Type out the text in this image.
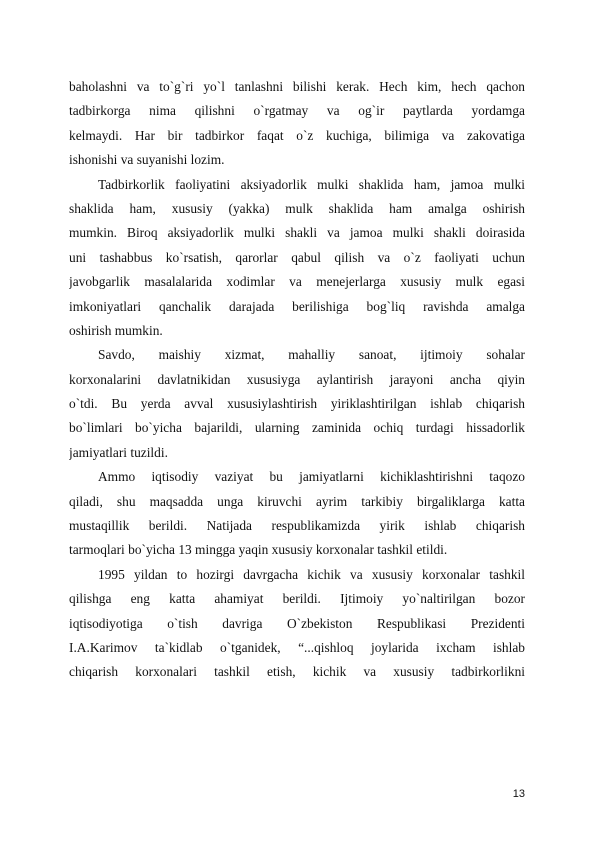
baholashni va to`g`ri yo`l tanlashni bilishi kerak. Hech kim, hech qachon
tadbirkorga nima qilishni o`rgatmay va og`ir paytlarda yordamga
kelmaydi. Har bir tadbirkor faqat o`z kuchiga, bilimiga va zakovatiga
ishonishi va suyanishi lozim.
Tadbirkorlik faoliyatini aksiyadorlik mulki shaklida ham, jamoa mulki
shaklida ham, xususiy (yakka) mulk shaklida ham amalga oshirish
mumkin. Biroq aksiyadorlik mulki shakli va jamoa mulki shakli doirasida
uni tashabbus ko`rsatish, qarorlar qabul qilish va o`z faoliyati uchun
javobgarlik masalalarida xodimlar va menejerlarga xususiy mulk egasi
imkoniyatlari qanchalik darajada berilishiga bog`liq ravishda amalga
oshirish mumkin.
Savdo, maishiy xizmat, mahalliy sanoat, ijtimoiy sohalar
korxonalarini davlatnikidan xususiyga aylantirish jarayoni ancha qiyin
o`tdi. Bu yerda avval xususiylashtirish yiriklashtirilgan ishlab chiqarish
bo`limlari bo`yicha bajarildi, ularning zaminida ochiq turdagi hissadorlik
jamiyatlari tuzildi.
Ammo iqtisodiy vaziyat bu jamiyatlarni kichiklashtirishni taqozo
qiladi, shu maqsadda unga kiruvchi ayrim tarkibiy birgaliklarga katta
mustaqillik berildi. Natijada respublikamizda yirik ishlab chiqarish
tarmoqlari bo`yicha 13 mingga yaqin xususiy korxonalar tashkil etildi.
1995 yildan to hozirgi davrgacha kichik va xususiy korxonalar tashkil
qilishga eng katta ahamiyat berildi. Ijtimoiy yo`naltirilgan bozor
iqtisodiyotiga o`tish davriga O`zbekiston Respublikasi Prezidenti
I.A.Karimov ta`kidlab o`tganidek, “...qishloq joylarida ixcham ishlab
chiqarish korxonalari tashkil etish, kichik va xususiy tadbirkorlikni
13
